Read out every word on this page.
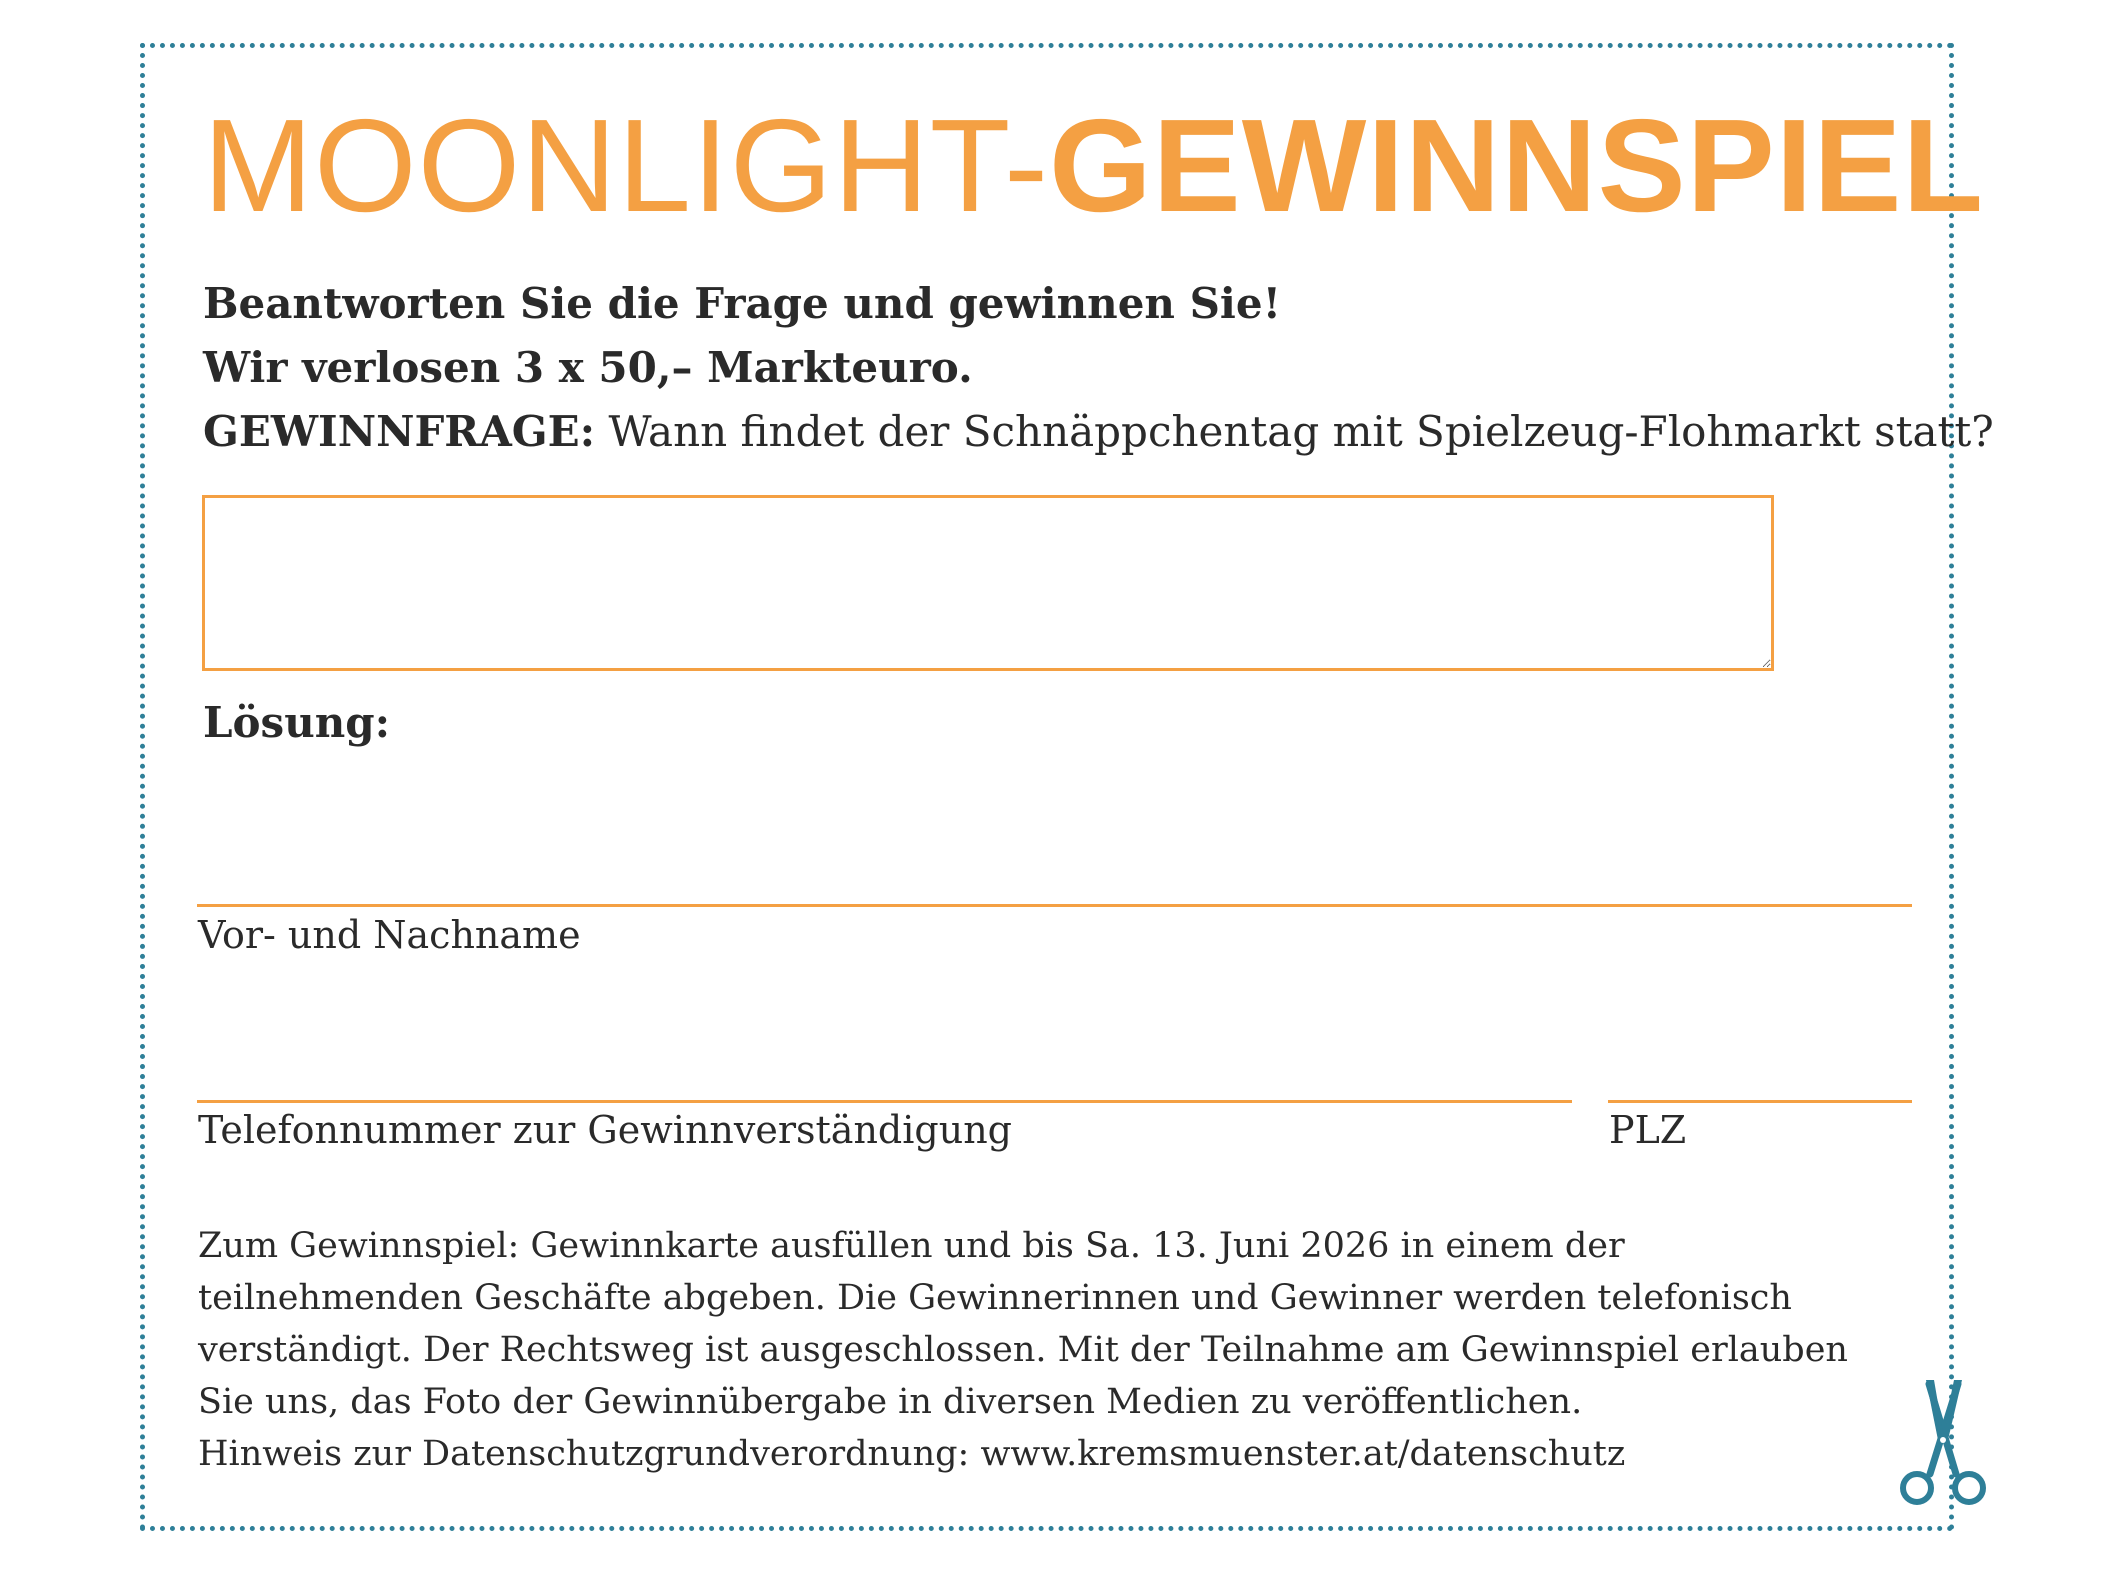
MOONLIGHT-GEWINNSPIEL
Beantworten Sie die Frage und gewinnen Sie!
Wir verlosen 3 x 50,– Markteuro.
GEWINNFRAGE: Wann findet der Schnäppchentag mit Spielzeug-Flohmarkt statt?
Lösung:
Vor- und Nachname
Telefonnummer zur Gewinnverständigung	PLZ
Zum Gewinnspiel: Gewinnkarte ausfüllen und bis Sa. 13. Juni 2026 in einem der
teilnehmenden Geschäfte abgeben. Die Gewinnerinnen und Gewinner werden telefonisch
verständigt. Der Rechtsweg ist ausgeschlossen. Mit der Teilnahme am Gewinnspiel erlauben
Sie uns, das Foto der Gewinnübergabe in diversen Medien zu veröffentlichen.
Hinweis zur Datenschutzgrundverordnung: www.kremsmuenster.at/datenschutz
